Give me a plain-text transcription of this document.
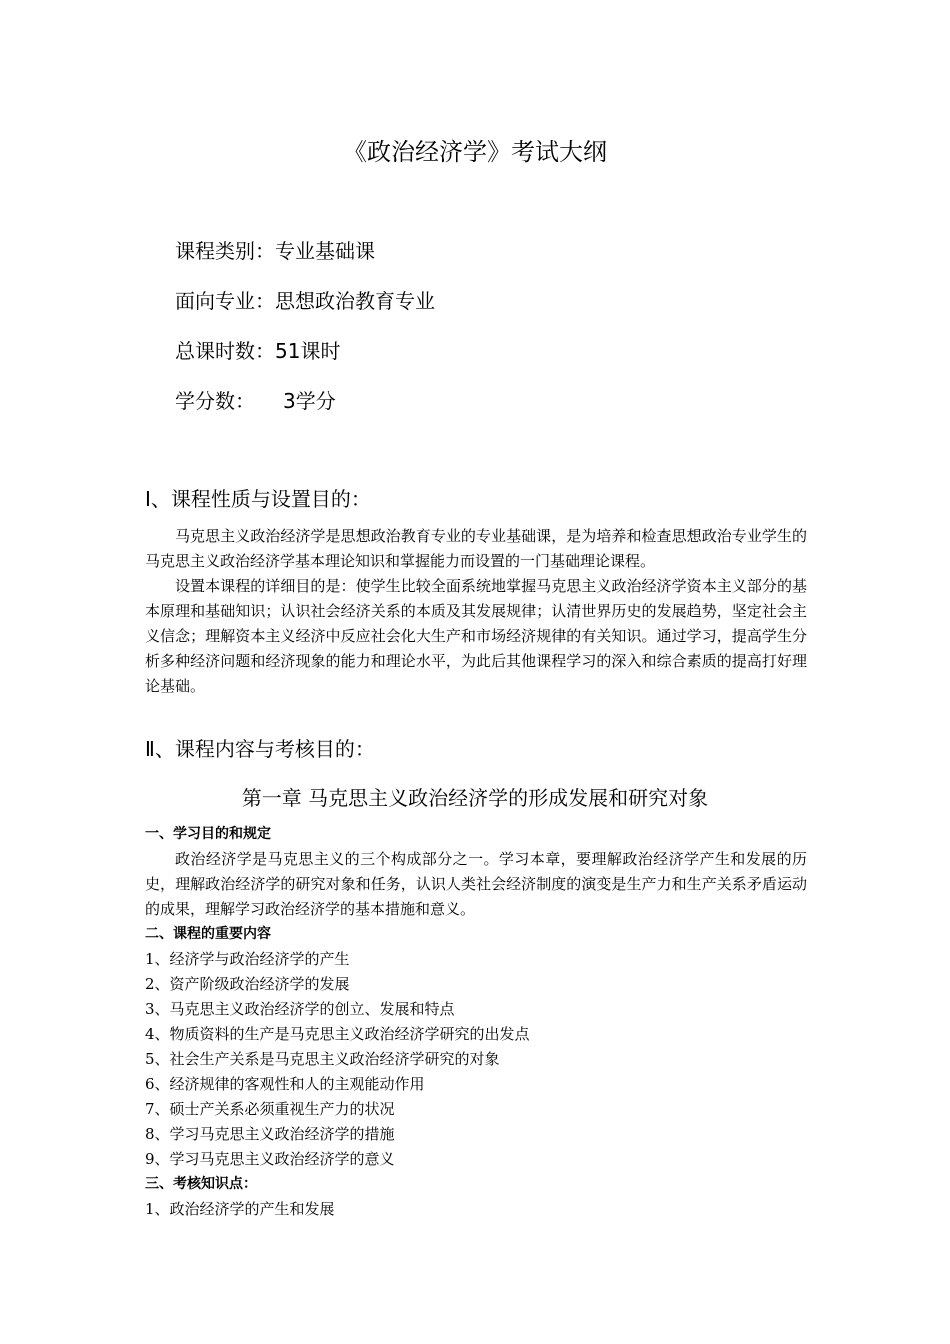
《政治经济学》考试大纲
课程类别：专业基础课
面向专业：思想政治教育专业
总课时数：51课时
学分数： 3学分
Ⅰ、课程性质与设置目的：

马克思主义政治经济学是思想政治教育专业的专业基础课，是为培养和检查思想政治专业学生的马克思主义政治经济学基本理论知识和掌握能力而设置的一门基础理论课程。

设置本课程的详细目的是：使学生比较全面系统地掌握马克思主义政治经济学资本主义部分的基本原理和基础知识；认识社会经济关系的本质及其发展规律；认清世界历史的发展趋势，坚定社会主义信念；理解资本主义经济中反应社会化大生产和市场经济规律的有关知识。通过学习，提高学生分析多种经济问题和经济现象的能力和理论水平，为此后其他课程学习的深入和综合素质的提高打好理论基础。

Ⅱ、课程内容与考核目的：
第一章 马克思主义政治经济学的形成发展和研究对象
一、学习目的和规定

政治经济学是马克思主义的三个构成部分之一。学习本章，要理解政治经济学产生和发展的历史，理解政治经济学的研究对象和任务，认识人类社会经济制度的演变是生产力和生产关系矛盾运动的成果，理解学习政治经济学的基本措施和意义。

二、课程的重要内容
1、经济学与政治经济学的产生
2、资产阶级政治经济学的发展
3、马克思主义政治经济学的创立、发展和特点
4、物质资料的生产是马克思主义政治经济学研究的出发点
5、社会生产关系是马克思主义政治经济学研究的对象
6、经济规律的客观性和人的主观能动作用
7、硕士产关系必须重视生产力的状况
8、学习马克思主义政治经济学的措施
9、学习马克思主义政治经济学的意义
三、考核知识点：
1、政治经济学的产生和发展
